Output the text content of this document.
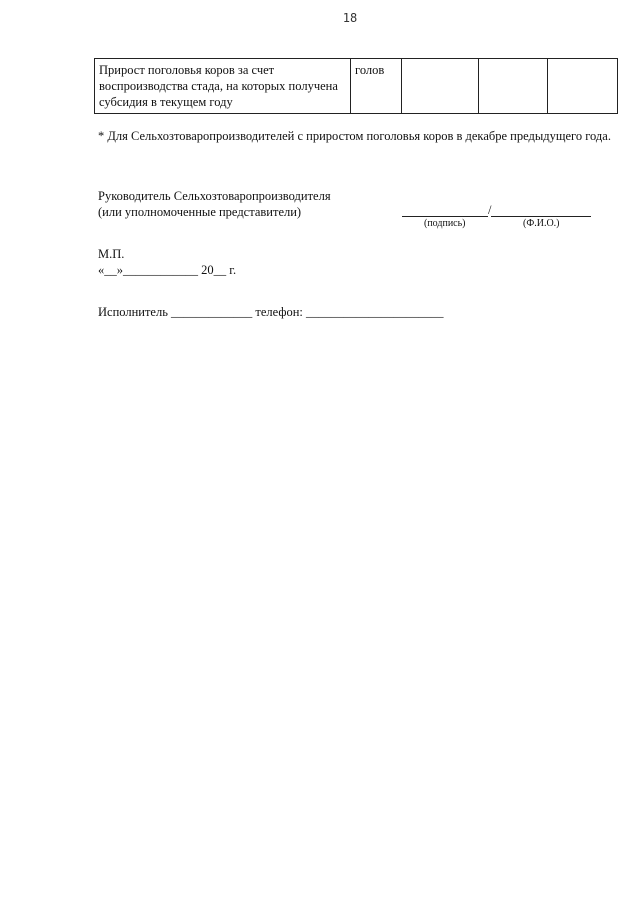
18
Прирост поголовья коров за счет воспроизводства стада, на которых получена субсидия в текущем году	голов			
* Для Сельхозтоваропроизводителей с приростом поголовья коров в декабре предыдущего года.
Руководитель Сельхозтоваропроизводителя
(или уполномоченные представители)	/
(подпись)	(Ф.И.О.)
М.П.
«__»____________ 20__ г.
Исполнитель _____________ телефон: ______________________
